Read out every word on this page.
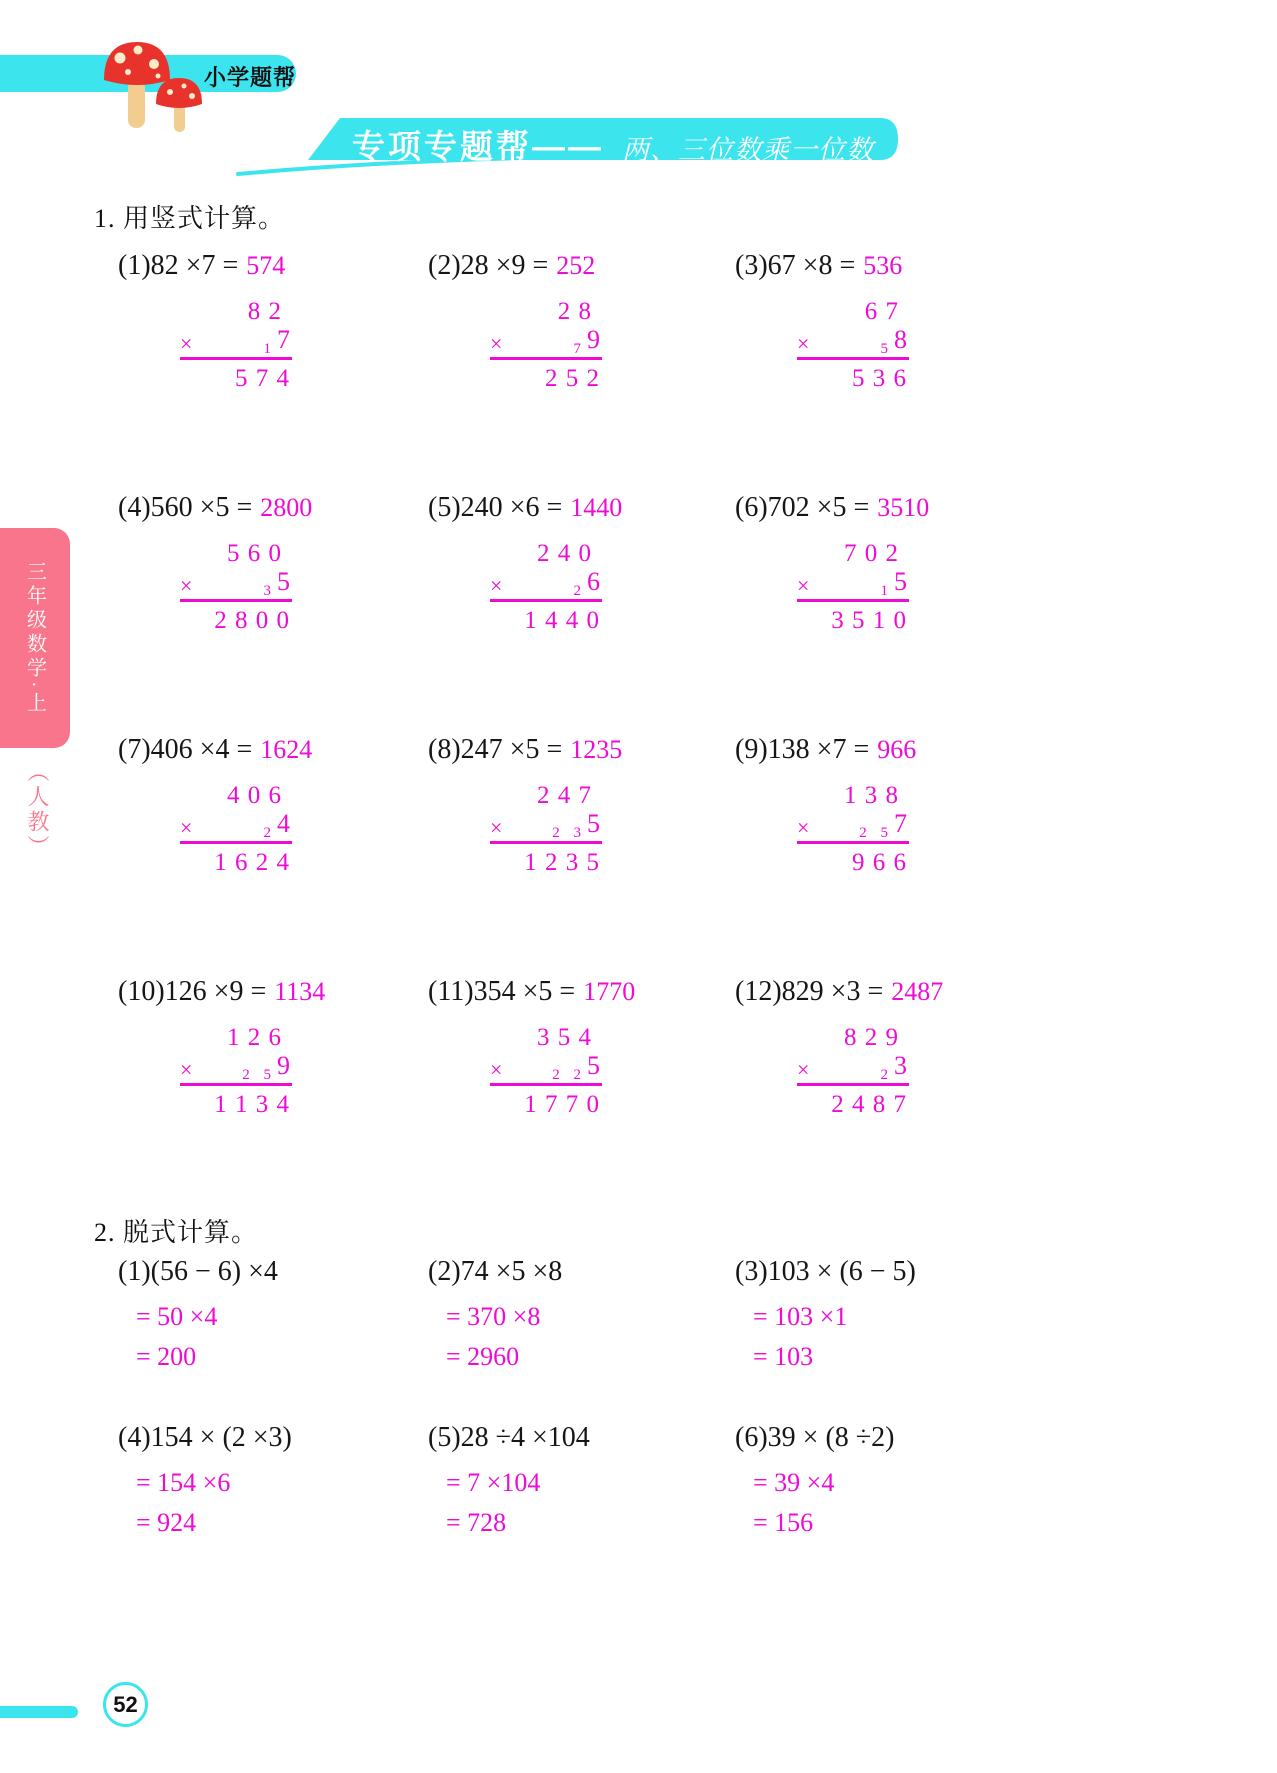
小学题帮
专项专题帮—— 两、三位数乘一位数
三年级数学·上
（人教）
1. 用竖式计算。
(1)82 ×7 = 574
8 2
×	$_1$7
5 7 4
(2)28 ×9 = 252
2 8
×	$_7$9
2 5 2
(3)67 ×8 = 536
6 7
×	$_5$8
5 3 6
(4)560 ×5 = 2800
5 6 0
×	$_3$5
2 8 0 0
(5)240 ×6 = 1440
2 4 0
×	$_2$6
1 4 4 0
(6)702 ×5 = 3510
7 0 2
×	$_1$5
3 5 1 0
(7)406 ×4 = 1624
4 0 6
×	$_2$4
1 6 2 4
(8)247 ×5 = 1235
2 4 7
×	$_{2 3}$5
1 2 3 5
(9)138 ×7 = 966
1 3 8
×	$_{2 5}$7
9 6 6
(10)126 ×9 = 1134
1 2 6
×	$_{2 5}$9
1 1 3 4
(11)354 ×5 = 1770
3 5 4
×	$_{2 2}$5
1 7 7 0
(12)829 ×3 = 2487
8 2 9
×	$_2$3
2 4 8 7
2. 脱式计算。
(1)(56 − 6) ×4
= 50 ×4
= 200
(2)74 ×5 ×8
= 370 ×8
= 2960
(3)103 × (6 − 5)
= 103 ×1
= 103
(4)154 × (2 ×3)
= 154 ×6
= 924
(5)28 ÷4 ×104
= 7 ×104
= 728
(6)39 × (8 ÷2)
= 39 ×4
= 156
52
